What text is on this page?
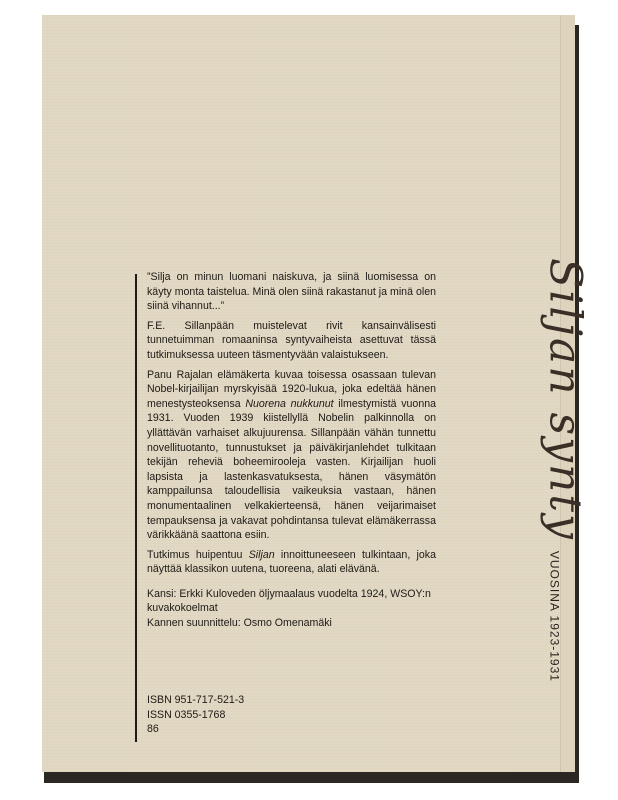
”Silja on minun luomani naiskuva, ja siinä luomisessa on käyty monta taistelua. Minä olen siinä rakastanut ja minä olen siinä vihannut...”

F.E. Sillanpään muistelevat rivit kansainvälisesti tunnetuimman romaaninsa syntyvaiheista asettuvat tässä tutkimuksessa uuteen täsmentyvään valaistukseen.

Panu Rajalan elämäkerta kuvaa toisessa osassaan tulevan Nobel-kirjailijan myrskyisää 1920-lukua, joka edeltää hänen menestysteoksensa Nuorena nukkunut ilmestymistä vuonna 1931. Vuoden 1939 kiistellyllä Nobelin palkinnolla on yllättävän varhaiset alkujuurensa. Sillanpään vähän tunnettu novellituotanto, tunnustukset ja päiväkirjanlehdet tulkitaan tekijän reheviä boheemirooleja vasten. Kirjailijan huoli lapsista ja lastenkasvatuksesta, hänen väsymätön kamppailunsa taloudellisia vaikeuksia vastaan, hänen monumentaalinen velkakierteensä, hänen veijarimaiset tempauksensa ja vakavat pohdintansa tulevat elämäkerrassa värikkäänä saattona esiin.

Tutkimus huipentuu Siljan innoittuneeseen tulkintaan, joka näyttää klassikon uutena, tuoreena, alati elävänä.

Kansi: Erkki Kuloveden öljymaalaus vuodelta 1924, WSOY:n kuvakokoelmat
Kannen suunnittelu: Osmo Omenamäki
ISBN 951-717-521-3
ISSN 0355-1768
86
Siljan synty
VUOSINA 1923-1931
